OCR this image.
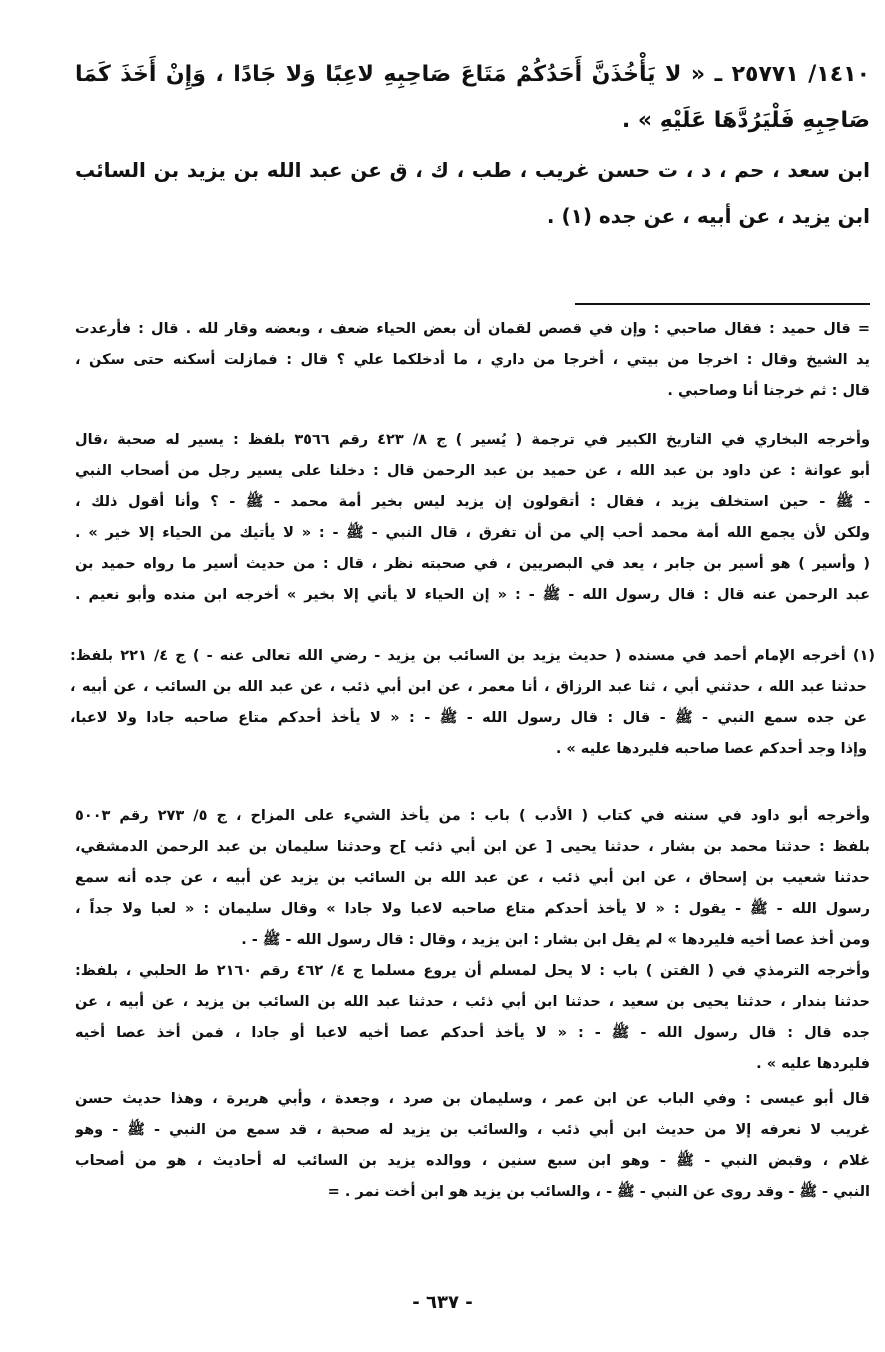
١٤١٠/ ٢٥٧٧١ ـ « لا يَأْخُذَنَّ أَحَدُكُمْ مَتَاعَ صَاحِبِهِ لاعِبًا وَلا جَادًا ، وَإِنْ أَخَذَ كَمَا
صَاحِبِهِ فَلْيَرُدَّهَا عَلَيْهِ » .
ابن سعد ، حم ، د ، ت حسن غريب ، طب ، ك ، ق عن عبد الله بن يزيد بن السائب
ابن يزيد ، عن أبيه ، عن جده (١) .
= قال حميد : فقال صاحبي : وإن في قصص لقمان أن بعض الحياء ضعف ، وبعضه وقار لله . قال : فأرعدت
يد الشيخ وقال : اخرجا من بيتي ، أخرجا من داري ، ما أدخلكما علي ؟ قال : فمازلت أسكنه حتى سكن ،
قال : ثم خرجنا أنا وصاحبي .
وأخرجه البخاري في التاريخ الكبير في ترجمة ( يُسير ) ج ٨/ ٤٢٣ رقم ٣٥٦٦ بلفظ : يسير له صحبة ،قال
أبو عوانة : عن داود بن عبد الله ، عن حميد بن عبد الرحمن قال : دخلنا على يسير رجل من أصحاب النبي
- ﷺ - حين استخلف يزيد ، فقال : أتقولون إن يزيد ليس بخير أمة محمد - ﷺ - ؟ وأنا أقول ذلك ،
ولكن لأن يجمع الله أمة محمد أحب إلي من أن تفرق ، قال النبي - ﷺ - : « لا يأتيك من الحياء إلا خير » .
( وأسير ) هو أسير بن جابر ، يعد في البصريين ، في صحبته نظر ، قال : من حديث أسير ما رواه حميد بن
عبد الرحمن عنه قال : قال رسول الله - ﷺ - : « إن الحياء لا يأتي إلا بخير » أخرجه ابن منده وأبو نعيم .
(١) أخرجه الإمام أحمد في مسنده ( حديث يزيد بن السائب بن يزيد - رضي الله تعالى عنه - ) ج ٤/ ٢٢١ بلفظ:
حدثنا عبد الله ، حدثني أبي ، ثنا عبد الرزاق ، أنا معمر ، عن ابن أبي ذئب ، عن عبد الله بن السائب ، عن أبيه ،
عن جده سمع النبي - ﷺ - قال : قال رسول الله - ﷺ - : « لا يأخذ أحدكم متاع صاحبه جادا ولا لاعبا،
وإذا وجد أحدكم عصا صاحبه فليردها عليه » .
وأخرجه أبو داود في سننه في كتاب ( الأدب ) باب : من يأخذ الشيء على المزاح ، ج ٥/ ٢٧٣ رقم ٥٠٠٣
بلفظ : حدثنا محمد بن بشار ، حدثنا يحيى [ عن ابن أبي ذئب ]ح وحدثنا سليمان بن عبد الرحمن الدمشقي،
حدثنا شعيب بن إسحاق ، عن ابن أبي ذئب ، عن عبد الله بن السائب بن يزيد عن أبيه ، عن جده أنه سمع
رسول الله - ﷺ - يقول : « لا يأخذ أحدكم متاع صاحبه لاعبا ولا جادا » وقال سليمان : « لعبا ولا جداً ،
ومن أخذ عصا أخيه فليردها » لم يقل ابن بشار : ابن يزيد ، وقال : قال رسول الله - ﷺ - .
وأخرجه الترمذي في ( الفتن ) باب : لا يحل لمسلم أن يروع مسلما ج ٤/ ٤٦٢ رقم ٢١٦٠ ط الحلبي ، بلفظ:
حدثنا بندار ، حدثنا يحيى بن سعيد ، حدثنا ابن أبي ذئب ، حدثنا عبد الله بن السائب بن يزيد ، عن أبيه ، عن
جده قال : قال رسول الله - ﷺ - : « لا يأخذ أحدكم عصا أخيه لاعبا أو جادا ، فمن أخذ عصا أخيه
فليردها عليه » .
قال أبو عيسى : وفي الباب عن ابن عمر ، وسليمان بن صرد ، وجعدة ، وأبي هريرة ، وهذا حديث حسن
غريب لا نعرفه إلا من حديث ابن أبي ذئب ، والسائب بن يزيد له صحبة ، قد سمع من النبي - ﷺ - وهو
غلام ، وقبض النبي - ﷺ - وهو ابن سبع سنين ، ووالده يزيد بن السائب له أحاديث ، هو من أصحاب
النبي - ﷺ - وقد روى عن النبي - ﷺ - ، والسائب بن يزيد هو ابن أخت نمر . =
- ٦٣٧ -
